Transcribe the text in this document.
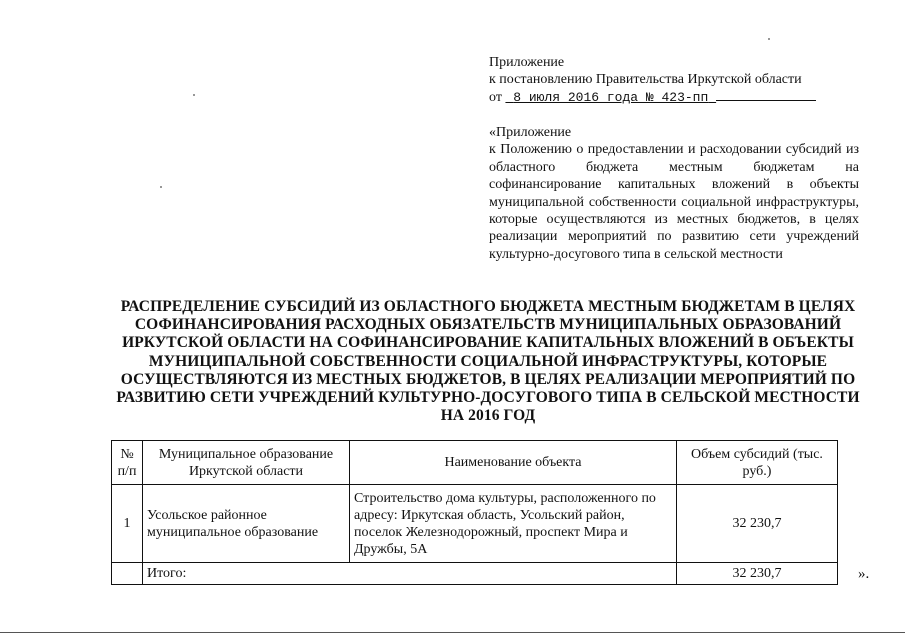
Приложение
к постановлению Правительства Иркутской области
от 8 июля 2016 года № 423-пп
«Приложение
к Положению о предоставлении и расходовании субсидий из областного бюджета местным бюджетам на софинансирование капитальных вложений в объекты муниципальной собственности социальной инфраструктуры, которые осуществляются из местных бюджетов, в целях реализации мероприятий по развитию сети учреждений культурно-досугового типа в сельской местности
РАСПРЕДЕЛЕНИЕ СУБСИДИЙ ИЗ ОБЛАСТНОГО БЮДЖЕТА МЕСТНЫМ БЮДЖЕТАМ В ЦЕЛЯХ СОФИНАНСИРОВАНИЯ РАСХОДНЫХ ОБЯЗАТЕЛЬСТВ МУНИЦИПАЛЬНЫХ ОБРАЗОВАНИЙ ИРКУТСКОЙ ОБЛАСТИ НА СОФИНАНСИРОВАНИЕ КАПИТАЛЬНЫХ ВЛОЖЕНИЙ В ОБЪЕКТЫ МУНИЦИПАЛЬНОЙ СОБСТВЕННОСТИ СОЦИАЛЬНОЙ ИНФРАСТРУКТУРЫ, КОТОРЫЕ ОСУЩЕСТВЛЯЮТСЯ ИЗ МЕСТНЫХ БЮДЖЕТОВ, В ЦЕЛЯХ РЕАЛИЗАЦИИ МЕРОПРИЯТИЙ ПО РАЗВИТИЮ СЕТИ УЧРЕЖДЕНИЙ КУЛЬТУРНО-ДОСУГОВОГО ТИПА В СЕЛЬСКОЙ МЕСТНОСТИ НА 2016 ГОД
№ п/п	Муниципальное образование Иркутской области	Наименование объекта	Объем субсидий (тыс. руб.)
1	Усольское районное муниципальное образование	Строительство дома культуры, расположенного по адресу: Иркутская область, Усольский район, поселок Железнодорожный, проспект Мира и Дружбы, 5А	32 230,7
	Итого:		32 230,7	».
